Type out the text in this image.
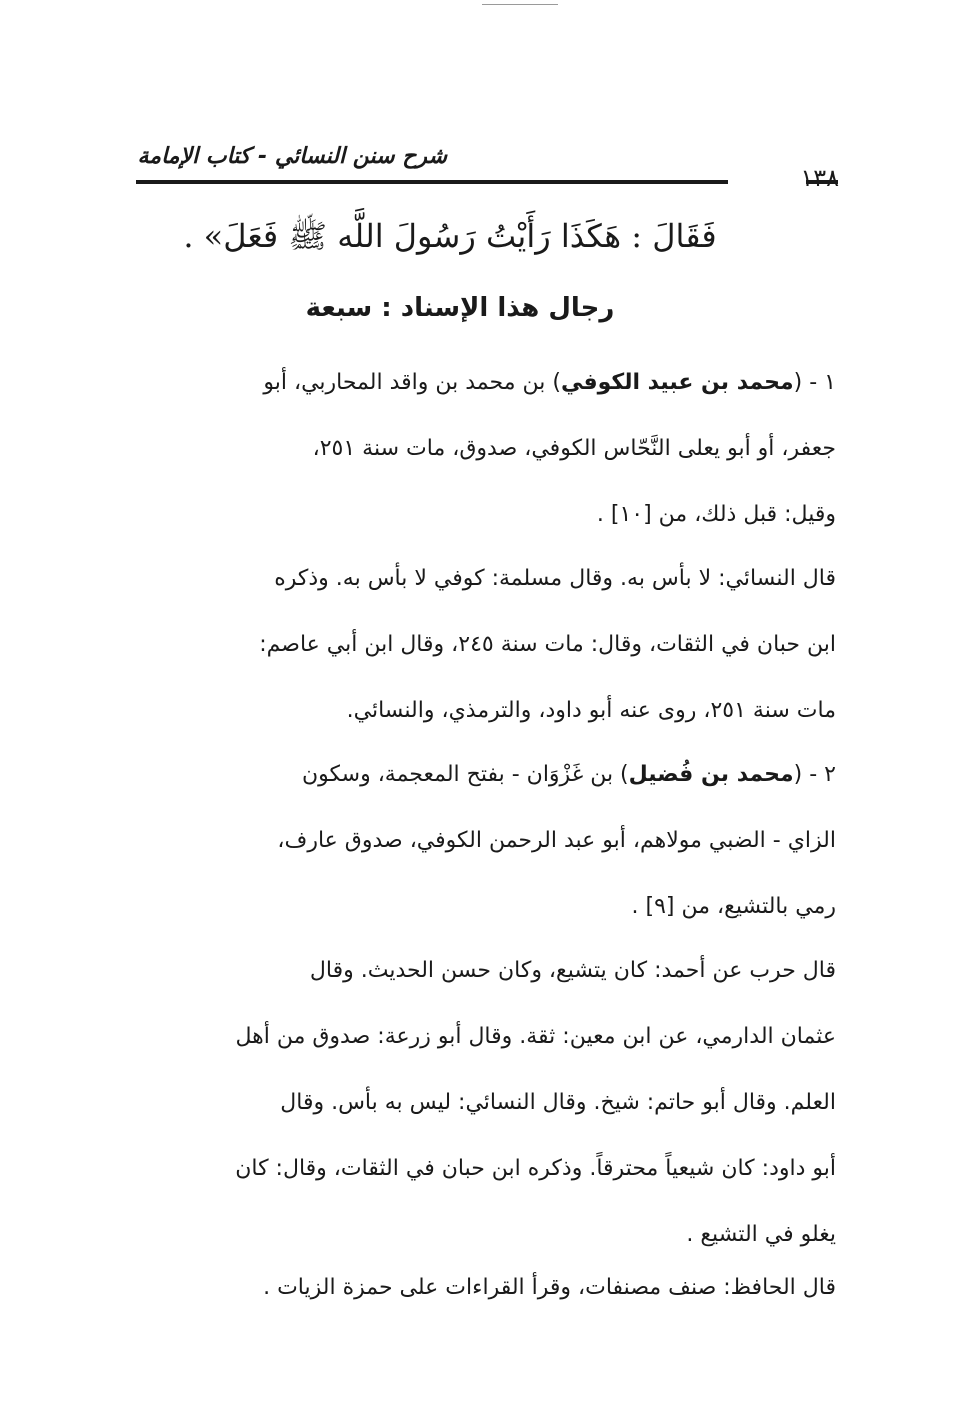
شرح سنن النسائي - كتاب الإمامة
١٣٨
فَقَالَ : هَكَذَا رَأَيْتُ رَسُولَ اللَّه ﷺ فَعَلَ» .
رجال هذا الإسناد : سبعة
١ - (محمد بن عبيد الكوفي) بن محمد بن واقد المحاربي، أبو
جعفر، أو أبو يعلى النَّحّاس الكوفي، صدوق، مات سنة ٢٥١،
وقيل: قبل ذلك، من [١٠] .
قال النسائي: لا بأس به. وقال مسلمة: كوفي لا بأس به. وذكره
ابن حبان في الثقات، وقال: مات سنة ٢٤٥، وقال ابن أبي عاصم:
مات سنة ٢٥١، روى عنه أبو داود، والترمذي، والنسائي.
٢ - (محمد بن فُضيل) بن غَزْوَان - بفتح المعجمة، وسكون
الزاي - الضبي مولاهم، أبو عبد الرحمن الكوفي، صدوق عارف،
رمي بالتشيع، من [٩] .
قال حرب عن أحمد: كان يتشيع، وكان حسن الحديث. وقال
عثمان الدارمي، عن ابن معين: ثقة. وقال أبو زرعة: صدوق من أهل
العلم. وقال أبو حاتم: شيخ. وقال النسائي: ليس به بأس. وقال
أبو داود: كان شيعياً محترقاً. وذكره ابن حبان في الثقات، وقال: كان
يغلو في التشيع .
قال الحافظ: صنف مصنفات، وقرأ القراءات على حمزة الزيات .
